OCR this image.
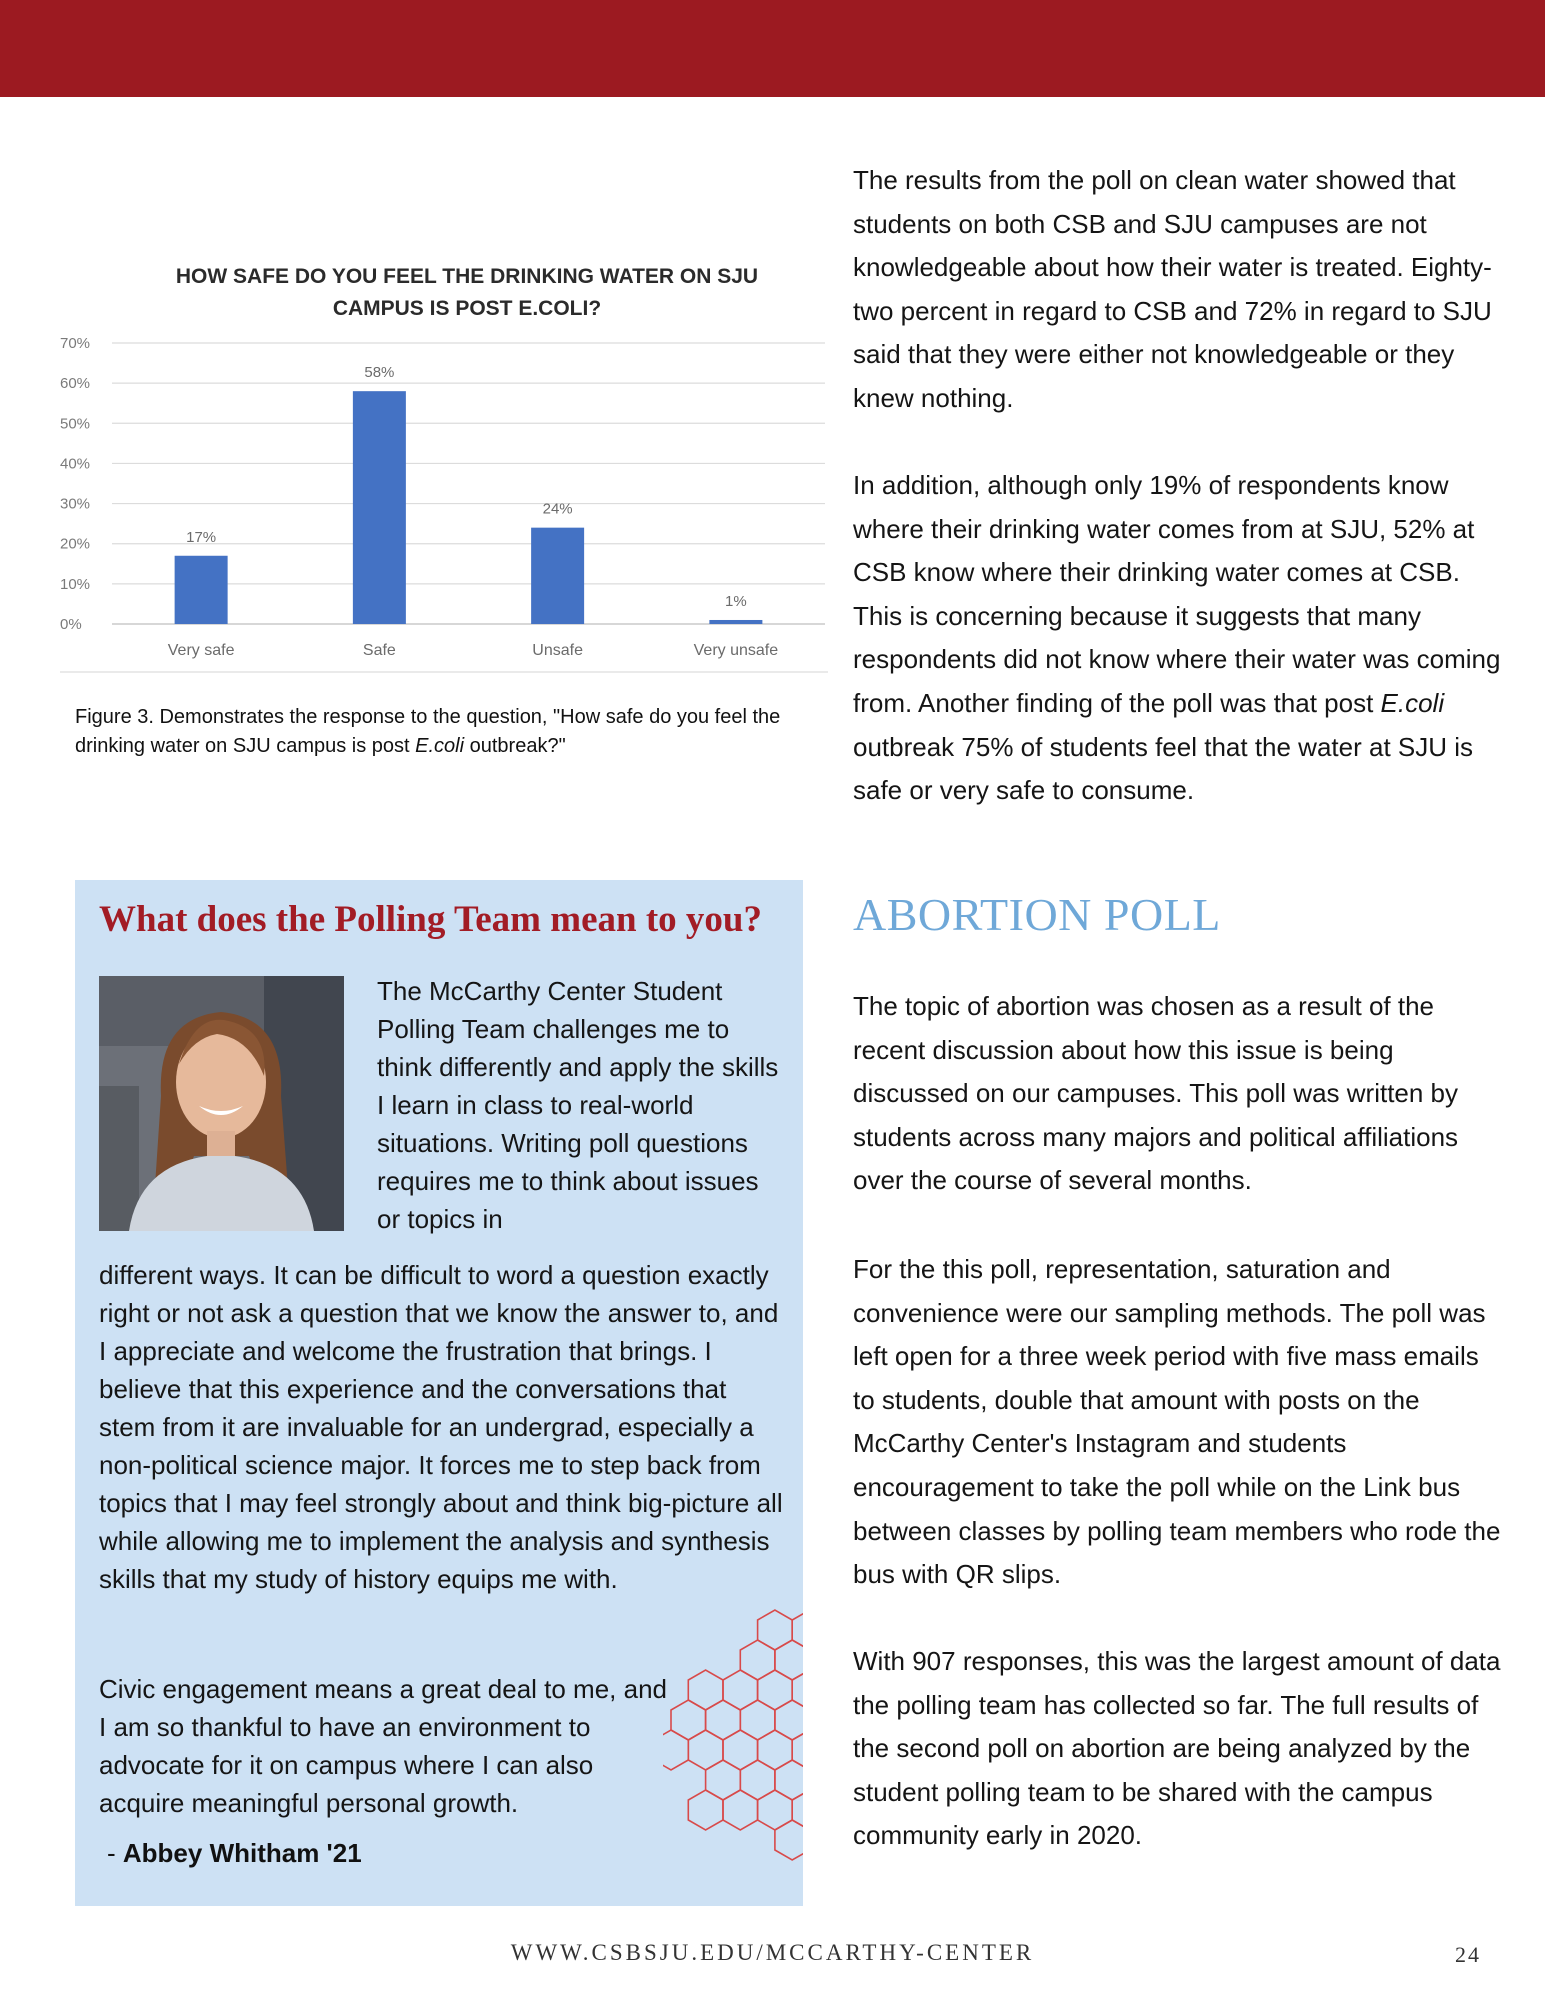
HOW SAFE DO YOU FEEL THE DRINKING WATER ON SJU
CAMPUS IS POST E.COLI?
0%
10%
20%
30%
40%
50%
60%
70%
17%
Very safe
58%
Safe
24%
Unsafe
1%
Very unsafe
Figure 3. Demonstrates the response to the question, "How safe do you feel the drinking water on SJU campus is post E.coli outbreak?"
What does the Polling Team mean to you?

The McCarthy Center Student Polling Team challenges me to think differently and apply the skills I learn in class to real-world situations. Writing poll questions requires me to think about issues or topics in

different ways. It can be difficult to word a question exactly right or not ask a question that we know the answer to, and I appreciate and welcome the frustration that brings. I believe that this experience and the conversations that stem from it are invaluable for an undergrad, especially a non-political science major. It forces me to step back from topics that I may feel strongly about and think big-picture all while allowing me to implement the analysis and synthesis skills that my study of history equips me with.

Civic engagement means a great deal to me, and I am so thankful to have an environment to advocate for it on campus where I can also acquire meaningful personal growth.

- Abbey Whitham '21

The results from the poll on clean water showed that students on both CSB and SJU campuses are not knowledgeable about how their water is treated. Eighty-two percent in regard to CSB and 72% in regard to SJU said that they were either not knowledgeable or they knew nothing.

In addition, although only 19% of respondents know where their drinking water comes from at SJU, 52% at CSB know where their drinking water comes at CSB. This is concerning because it suggests that many respondents did not know where their water was coming from. Another finding of the poll was that post E.coli outbreak 75% of students feel that the water at SJU is safe or very safe to consume.

ABORTION POLL

The topic of abortion was chosen as a result of the recent discussion about how this issue is being discussed on our campuses. This poll was written by students across many majors and political affiliations over the course of several months.

For the this poll, representation, saturation and convenience were our sampling methods. The poll was left open for a three week period with five mass emails to students, double that amount with posts on the McCarthy Center's Instagram and students encouragement to take the poll while on the Link bus between classes by polling team members who rode the bus with QR slips.

With 907 responses, this was the largest amount of data the polling team has collected so far. The full results of the second poll on abortion are being analyzed by the student polling team to be shared with the campus community early in 2020.

WWW.CSBSJU.EDU/MCCARTHY-CENTER	24
